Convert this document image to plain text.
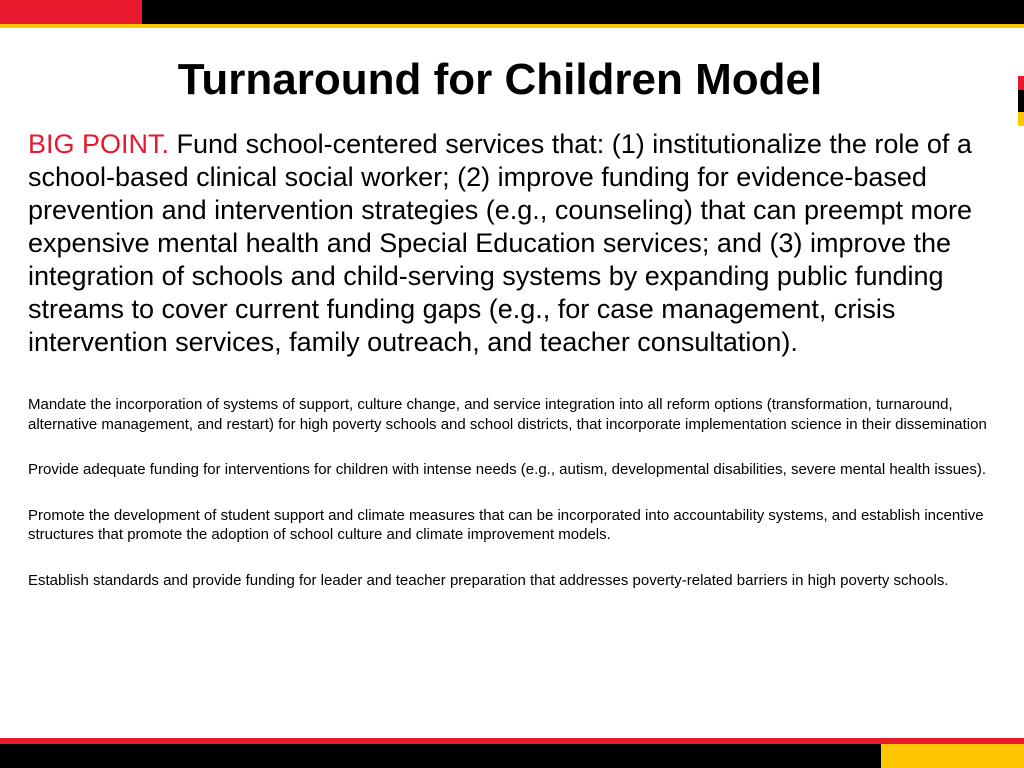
Turnaround for Children Model

BIG POINT. Fund school-centered services that: (1) institutionalize the role of a school-based clinical social worker; (2) improve funding for evidence-based prevention and intervention strategies (e.g., counseling) that can preempt more expensive mental health and Special Education services; and (3) improve the integration of schools and child-serving systems by expanding public funding streams to cover current funding gaps (e.g., for case management, crisis intervention services, family outreach, and teacher consultation).

Mandate the incorporation of systems of support, culture change, and service integration into all reform options (transformation, turnaround, alternative management, and restart) for high poverty schools and school districts, that incorporate implementation science in their dissemination

Provide adequate funding for interventions for children with intense needs (e.g., autism, developmental disabilities, severe mental health issues).

Promote the development of student support and climate measures that can be incorporated into accountability systems, and establish incentive structures that promote the adoption of school culture and climate improvement models.

Establish standards and provide funding for leader and teacher preparation that addresses poverty-related barriers in high poverty schools.
